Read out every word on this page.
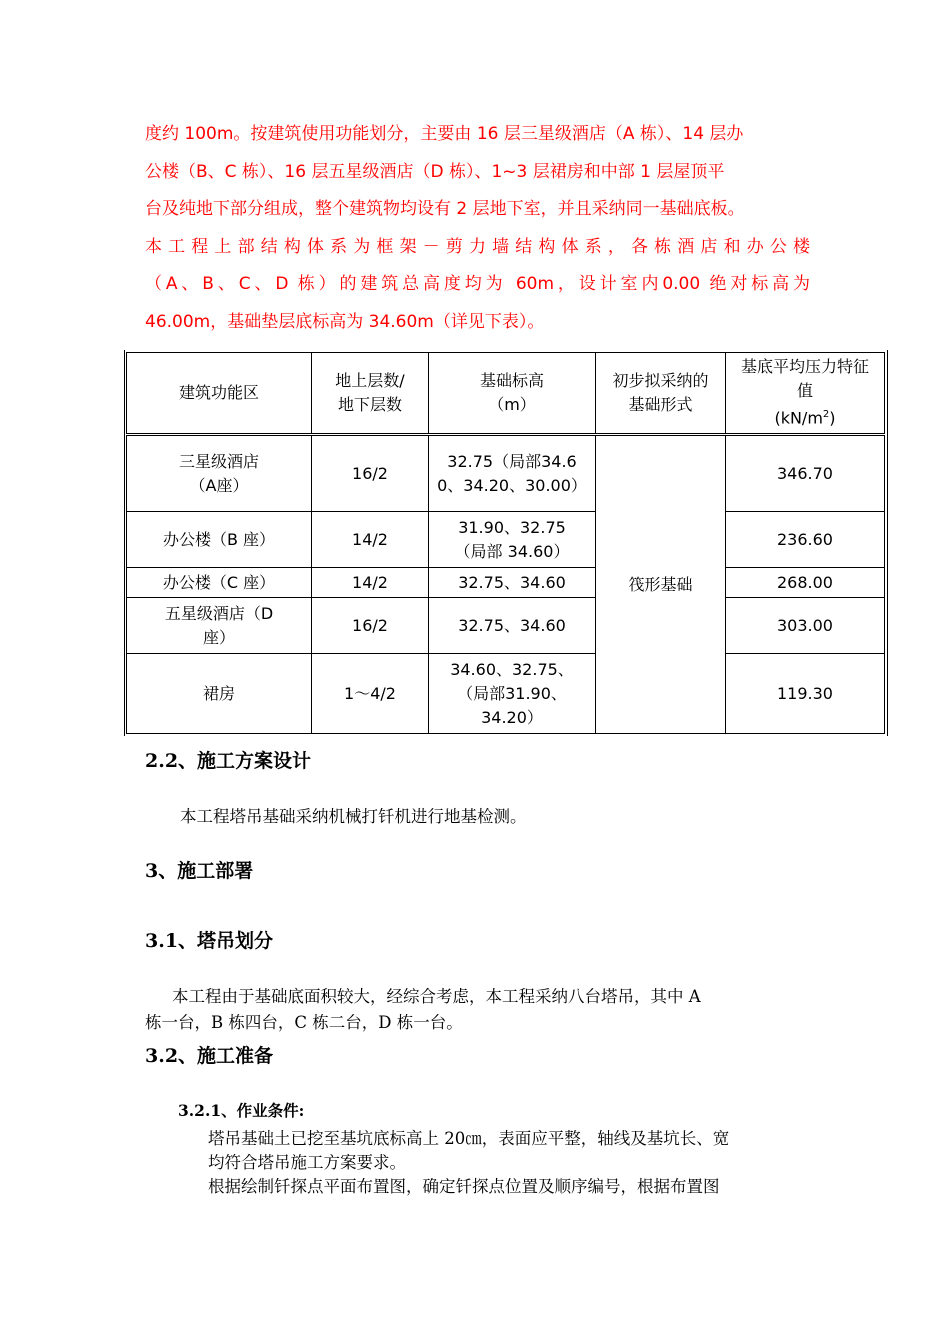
度约 100m。按建筑使用功能划分，主要由 16 层三星级酒店（A 栋）、14 层办
公楼（B、C 栋）、16 层五星级酒店（D 栋）、1~3 层裙房和中部 1 层屋顶平
台及纯地下部分组成，整个建筑物均设有 2 层地下室，并且采纳同一基础底板。
本工程上部结构体系为框架－剪力墙结构体系，各栋酒店和办公楼
（A、B、C、D 栋）的建筑总高度均为 60m，设计室内0.00 绝对标高为
46.00m，基础垫层底标高为 34.60m（详见下表）。
建筑功能区	地上层数/地下层数	基础标高（m）	初步拟采纳的基础形式	基底平均压力特征值
$(kN/m^2)$
三星级酒店（A座）	16/2	32.75（局部34.60、34.20、30.00）	筏形基础	346.70
办公楼（B 座）	14/2	31.90、32.75（局部 34.60）		236.60
办公楼（C 座）	14/2	32.75、34.60		268.00
五星级酒店（D座）	16/2	32.75、34.60		303.00
裙房	1～4/2	34.60、32.75、（局部31.90、34.20）		119.30
2.2、施工方案设计
本工程塔吊基础采纳机械打钎机进行地基检测。
3、施工部署
3.1、塔吊划分
本工程由于基础底面积较大，经综合考虑，本工程采纳八台塔吊，其中 A
栋一台，B 栋四台，C 栋二台，D 栋一台。
3.2、施工准备
3.2.1、作业条件:
塔吊基础土已挖至基坑底标高上 20㎝，表面应平整，轴线及基坑长、宽
均符合塔吊施工方案要求。
根据绘制钎探点平面布置图，确定钎探点位置及顺序编号，根据布置图
